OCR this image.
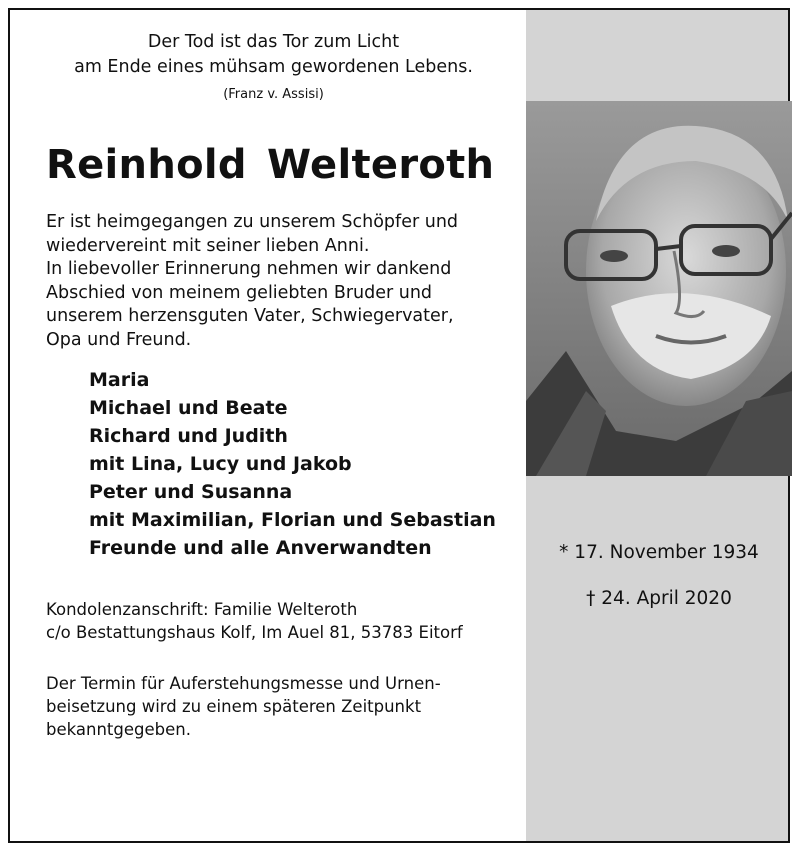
Der Tod ist das Tor zum Licht
am Ende eines mühsam gewordenen Lebens.

(Franz v. Assisi)

Reinhold Welteroth

Er ist heimgegangen zu unserem Schöpfer und
wiedervereint mit seiner lieben Anni.
In liebevoller Erinnerung nehmen wir dankend
Abschied von meinem geliebten Bruder und
unserem herzensguten Vater, Schwiegervater,
Opa und Freund.

Maria
Michael und Beate
Richard und Judith
mit Lina, Lucy und Jakob
Peter und Susanna
mit Maximilian, Florian und Sebastian
Freunde und alle Anverwandten
Kondolenzanschrift: Familie Welteroth
c/o Bestattungshaus Kolf, Im Auel 81, 53783 Eitorf
Der Termin für Auferstehungsmesse und Urnen-
beisetzung wird zu einem späteren Zeitpunkt
bekanntgegeben.
* 17. November 1934
† 24. April 2020
